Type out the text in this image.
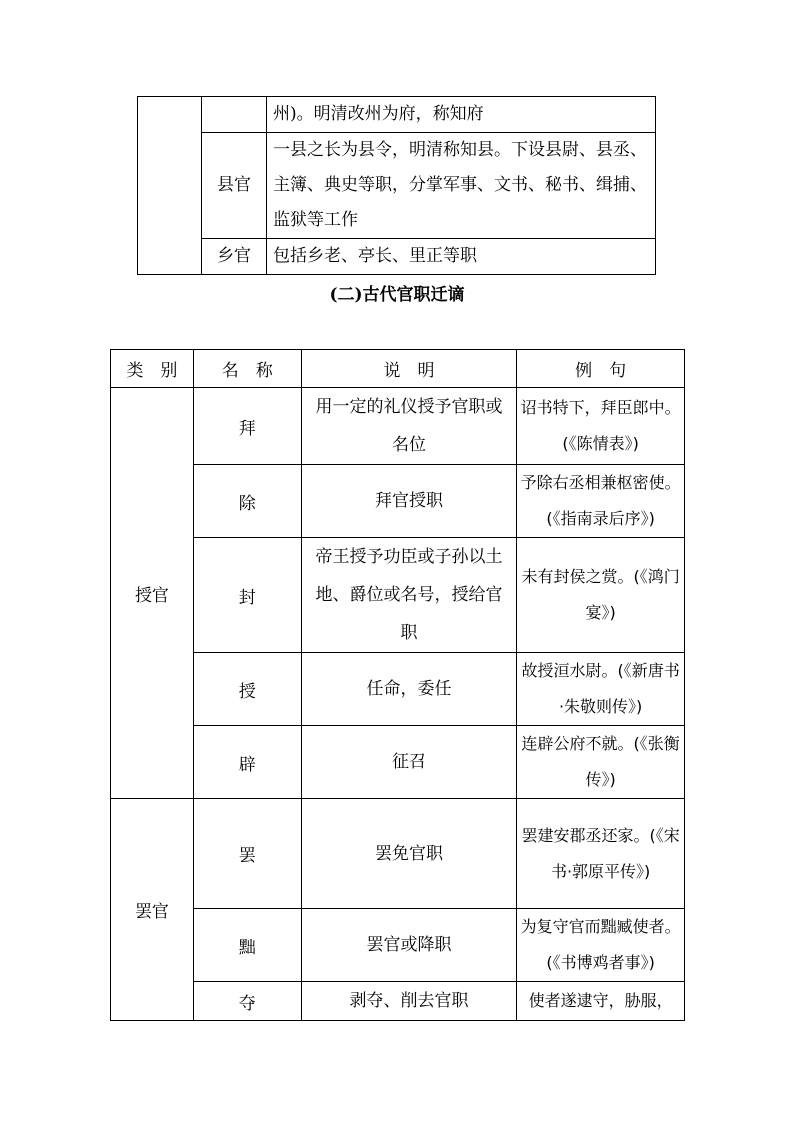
		州)。明清改州为府，称知府
	县官	一县之长为县令，明清称知县。下设县尉、县丞、主簿、典史等职，分掌军事、文书、秘书、缉捕、监狱等工作
	乡官	包括乡老、亭长、里正等职
(二)古代官职迁谪
类　别	名　称	说　明	例　句
授官	拜	用一定的礼仪授予官职或名位	诏书特下，拜臣郎中。(《陈情表》)
	除	拜官授职	予除右丞相兼枢密使。(《指南录后序》)
	封	帝王授予功臣或子孙以土地、爵位或名号，授给官职	未有封侯之赏。(《鸿门宴》)
	授	任命，委任	故授洹水尉。(《新唐书·朱敬则传》)
	辟	征召	连辟公府不就。(《张衡传》)
罢官	罢	罢免官职	罢建安郡丞还家。(《宋书·郭原平传》)
	黜	罢官或降职	为复守官而黜臧使者。(《书博鸡者事》)
	夺	剥夺、削去官职	使者遂逮守，胁服，
